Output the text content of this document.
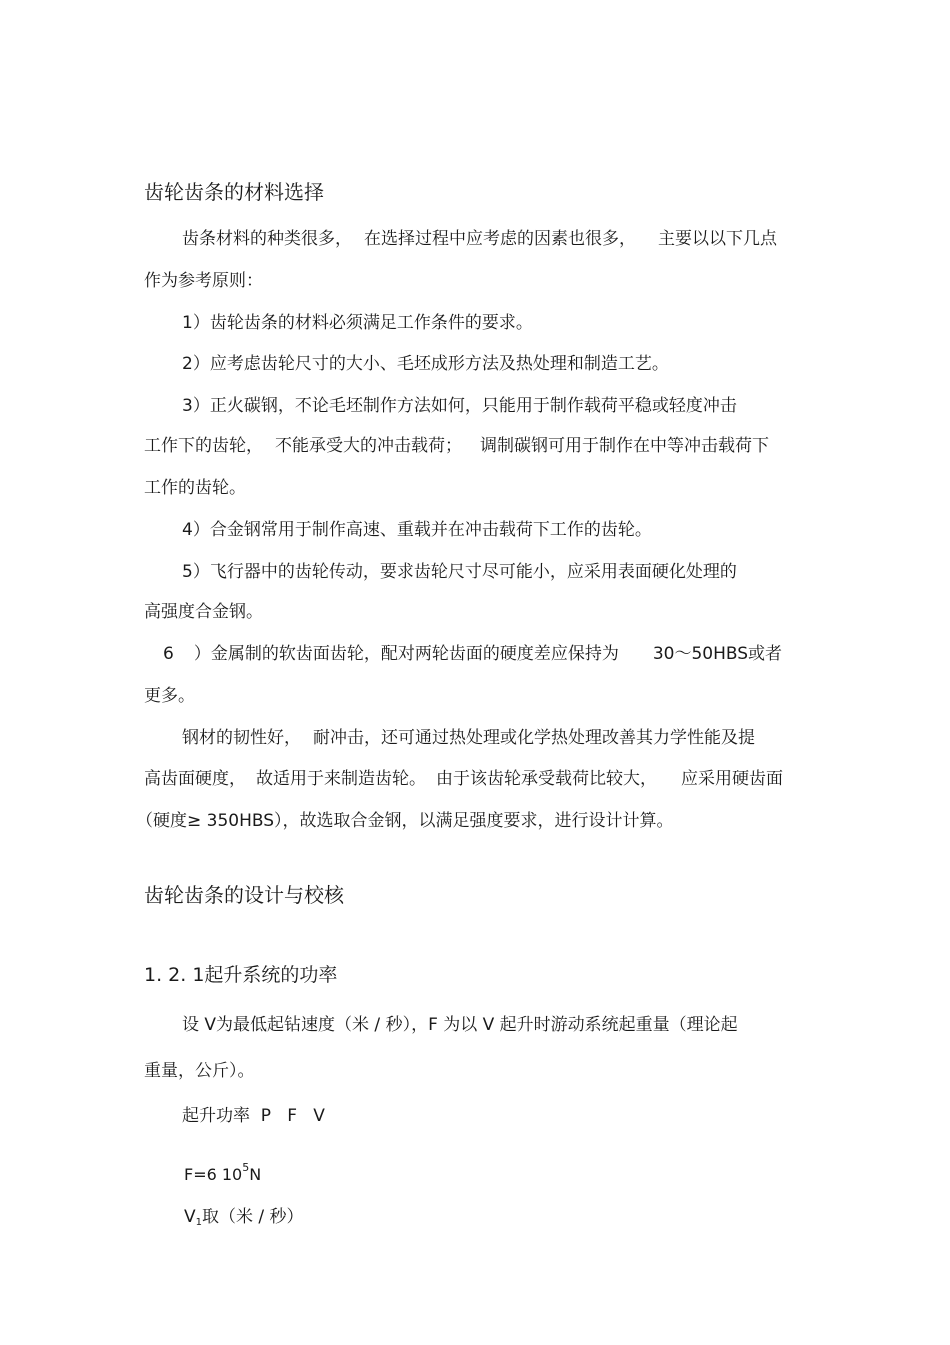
齿轮齿条的材料选择
齿条材料的种类很多， 在选择过程中应考虑的因素也很多， 主要以以下几点
作为参考原则：
1）齿轮齿条的材料必须满足工作条件的要求。
2）应考虑齿轮尺寸的大小、毛坯成形方法及热处理和制造工艺。
3）正火碳钢，不论毛坯制作方法如何，只能用于制作载荷平稳或轻度冲击
工作下的齿轮， 不能承受大的冲击载荷； 调制碳钢可用于制作在中等冲击载荷下
工作的齿轮。
4）合金钢常用于制作高速、重载并在冲击载荷下工作的齿轮。
5）飞行器中的齿轮传动，要求齿轮尺寸尽可能小，应采用表面硬化处理的
高强度合金钢。
6 ）金属制的软齿面齿轮，配对两轮齿面的硬度差应保持为 30～50HBS或者
更多。
钢材的韧性好， 耐冲击，还可通过热处理或化学热处理改善其力学性能及提
高齿面硬度， 故适用于来制造齿轮。 由于该齿轮承受载荷比较大， 应采用硬齿面
（硬度≥ 350HBS），故选取合金钢，以满足强度要求，进行设计计算。
齿轮齿条的设计与校核
1. 2. 1起升系统的功率
设 V为最低起钻速度（米 / 秒），F 为以 V 起升时游动系统起重量（理论起
重量，公斤）。
起升功率  P   F   V
F=6 $10^5N$
$V_1$取（米 / 秒）
